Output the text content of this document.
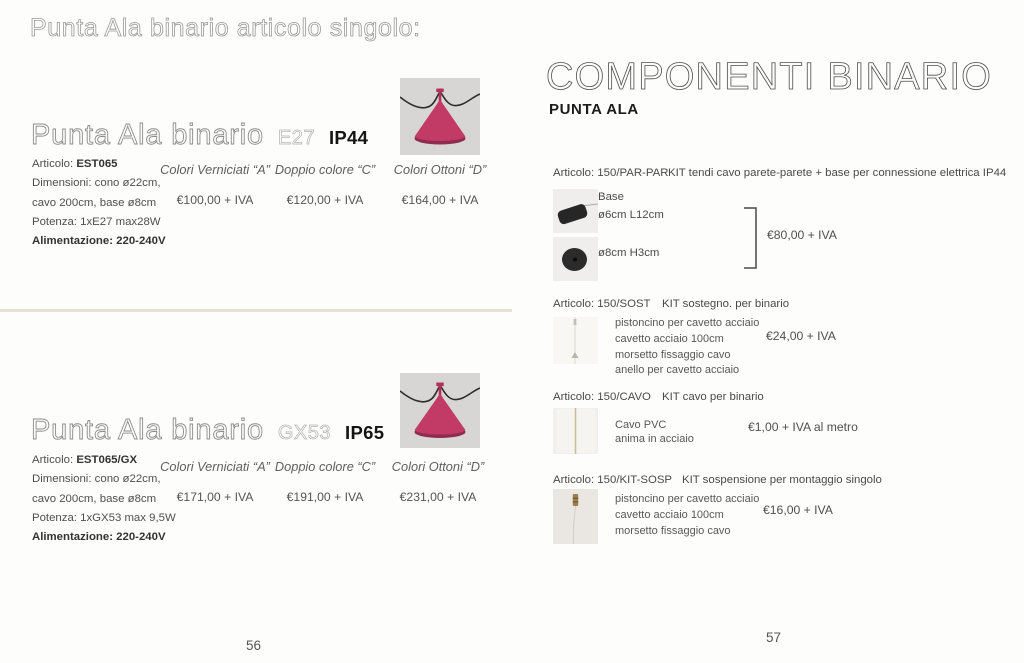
Punta Ala binario articolo singolo:
Punta Ala binario E27 IP44
Articolo: EST065
Dimensioni: cono ø22cm,
cavo 200cm, base ø8cm
Potenza: 1xE27 max28W
Alimentazione: 220-240V
Colori Verniciati “A”
€100,00 + IVA
Doppio colore “C”
€120,00 + IVA
Colori Ottoni “D”
€164,00 + IVA
Punta Ala binario GX53 IP65
Articolo: EST065/GX
Dimensioni: cono ø22cm,
cavo 200cm, base ø8cm
Potenza: 1xGX53 max 9,5W
Alimentazione: 220-240V
Colori Verniciati “A”
€171,00 + IVA
Doppio colore “C”
€191,00 + IVA
Colori Ottoni “D”
€231,00 + IVA
56
COMPONENTI BINARIO
PUNTA ALA
Articolo: 150/PAR-PAR KIT tendi cavo parete-parete + base per connessione elettrica IP44
Base
ø6cm L12cm
ø8cm H3cm
€80,00 + IVA
Articolo: 150/SOST KIT sostegno. per binario
pistoncino per cavetto acciaio
cavetto acciaio 100cm
morsetto fissaggio cavo
anello per cavetto acciaio
€24,00 + IVA
Articolo: 150/CAVO KIT cavo per binario
Cavo PVC
anima in acciaio
€1,00 + IVA al metro
Articolo: 150/KIT-SOSP KIT sospensione per montaggio singolo
pistoncino per cavetto acciaio
cavetto acciaio 100cm
morsetto fissaggio cavo
€16,00 + IVA
57
